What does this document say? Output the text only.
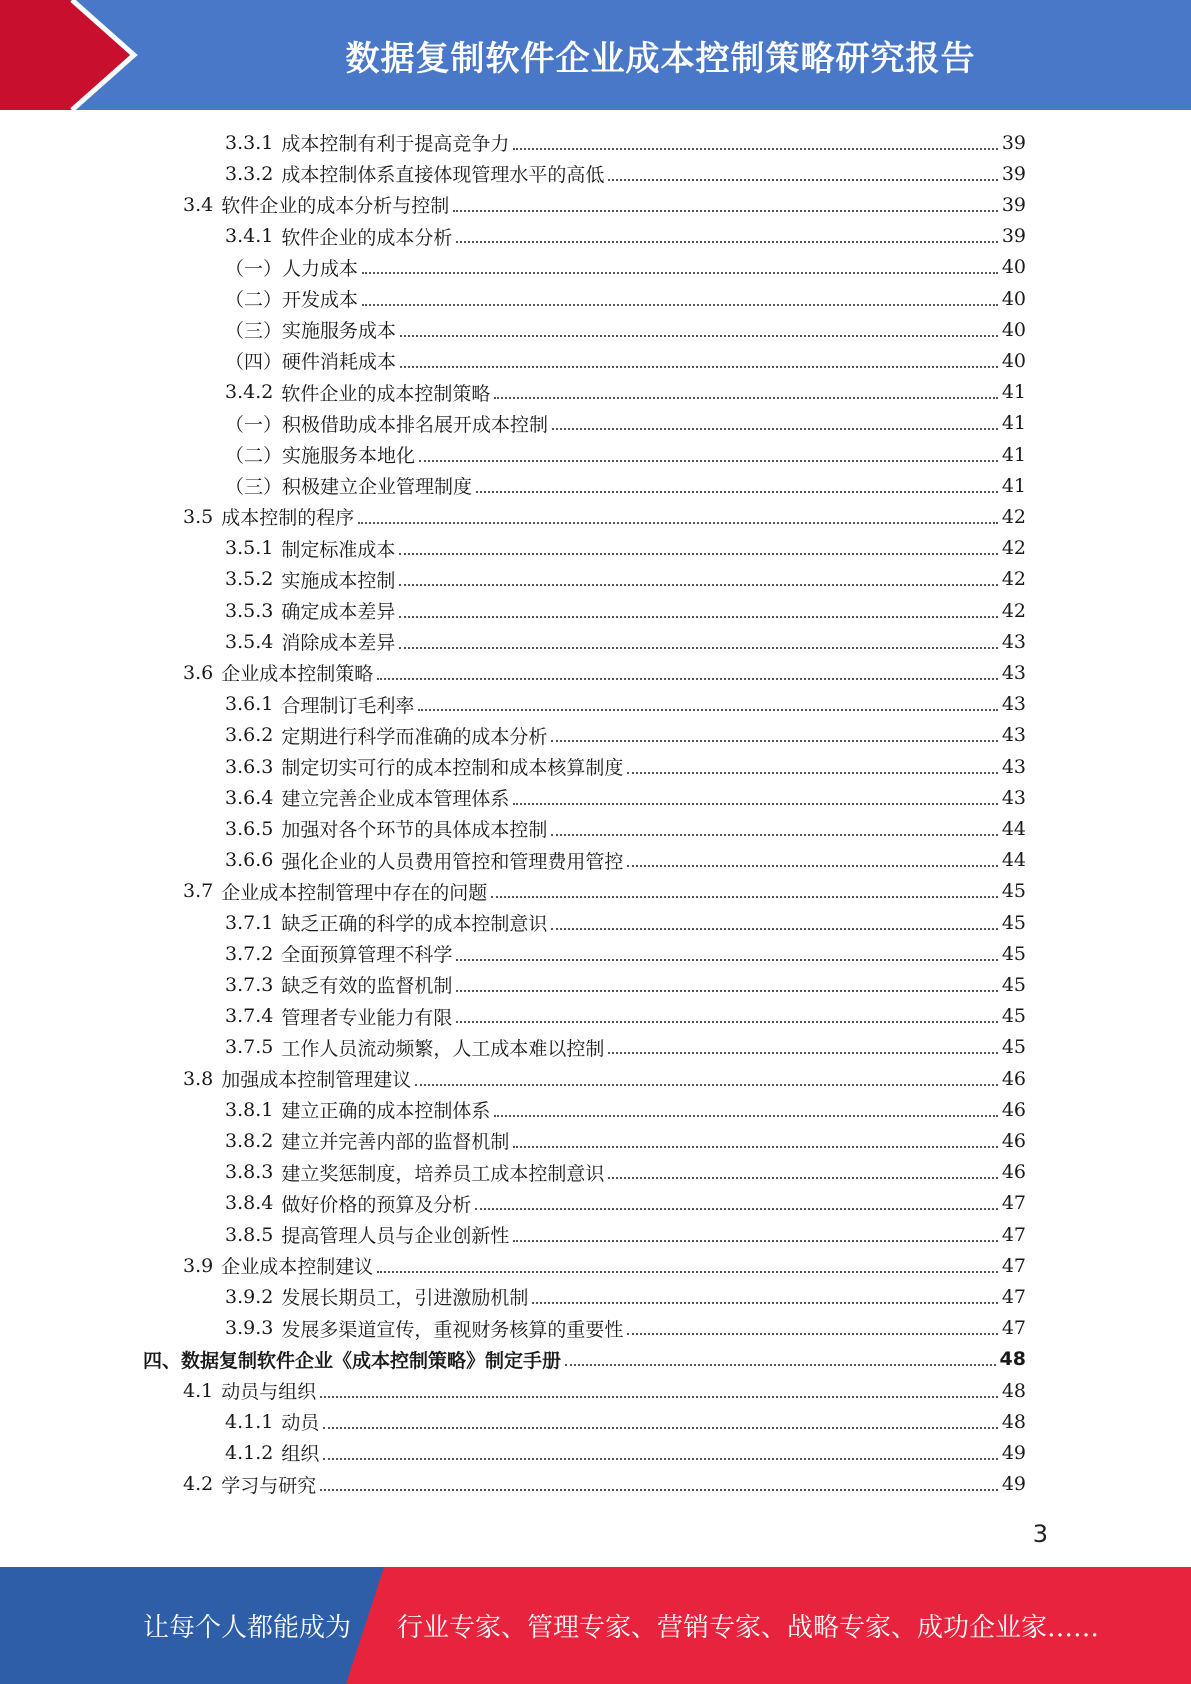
数据复制软件企业成本控制策略研究报告
3.3.1 成本控制有利于提高竞争力	39
3.3.2 成本控制体系直接体现管理水平的高低	39
3.4 软件企业的成本分析与控制	39
3.4.1 软件企业的成本分析	39
（一）人力成本	40
（二）开发成本	40
（三）实施服务成本	40
（四）硬件消耗成本	40
3.4.2 软件企业的成本控制策略	41
（一）积极借助成本排名展开成本控制	41
（二）实施服务本地化	41
（三）积极建立企业管理制度	41
3.5 成本控制的程序	42
3.5.1 制定标准成本	42
3.5.2 实施成本控制	42
3.5.3 确定成本差异	42
3.5.4 消除成本差异	43
3.6 企业成本控制策略	43
3.6.1 合理制订毛利率	43
3.6.2 定期进行科学而准确的成本分析	43
3.6.3 制定切实可行的成本控制和成本核算制度	43
3.6.4 建立完善企业成本管理体系	43
3.6.5 加强对各个环节的具体成本控制	44
3.6.6 强化企业的人员费用管控和管理费用管控	44
3.7 企业成本控制管理中存在的问题	45
3.7.1 缺乏正确的科学的成本控制意识	45
3.7.2 全面预算管理不科学	45
3.7.3 缺乏有效的监督机制	45
3.7.4 管理者专业能力有限	45
3.7.5 工作人员流动频繁，人工成本难以控制	45
3.8 加强成本控制管理建议	46
3.8.1 建立正确的成本控制体系	46
3.8.2 建立并完善内部的监督机制	46
3.8.3 建立奖惩制度，培养员工成本控制意识	46
3.8.4 做好价格的预算及分析	47
3.8.5 提高管理人员与企业创新性	47
3.9 企业成本控制建议	47
3.9.2 发展长期员工，引进激励机制	47
3.9.3 发展多渠道宣传，重视财务核算的重要性	47
四、数据复制软件企业《成本控制策略》制定手册	48
4.1 动员与组织	48
4.1.1 动员	48
4.1.2 组织	49
4.2 学习与研究	49
3
让每个人都能成为 行业专家、管理专家、营销专家、战略专家、成功企业家……
